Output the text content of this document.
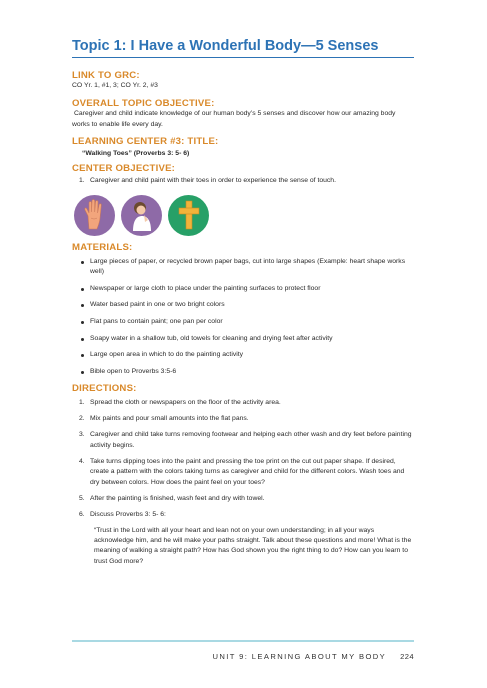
Topic 1: I Have a Wonderful Body—5 Senses
LINK TO GRC:

CO Yr. 1, #1, 3; CO Yr. 2, #3

OVERALL TOPIC OBJECTIVE:

Caregiver and child indicate knowledge of our human body’s 5 senses and discover how our amazing body works to enable life every day.

LEARNING CENTER #3: TITLE:

“Walking Toes” (Proverbs 3: 5- 6)

CENTER OBJECTIVE:
1. Caregiver and child paint with their toes in order to experience the sense of touch.
MATERIALS:
Large pieces of paper, or recycled brown paper bags, cut into large shapes (Example: heart shape works well)
Newspaper or large cloth to place under the painting surfaces to protect floor
Water based paint in one or two bright colors
Flat pans to contain paint; one pan per color
Soapy water in a shallow tub, old towels for cleaning and drying feet after activity
Large open area in which to do the painting activity
Bible open to Proverbs 3:5-6
DIRECTIONS:
1. Spread the cloth or newspapers on the floor of the activity area.
2. Mix paints and pour small amounts into the flat pans.
3. Caregiver and child take turns removing footwear and helping each other wash and dry feet before painting activity begins.
4. Take turns dipping toes into the paint and pressing the toe print on the cut out paper shape. If desired, create a pattern with the colors taking turns as caregiver and child for the different colors. Wash toes and dry between colors. How does the paint feel on your toes?
5. After the painting is finished, wash feet and dry with towel.
6. Discuss Proverbs 3: 5- 6:

“Trust in the Lord with all your heart and lean not on your own understanding; in all your ways acknowledge him, and he will make your paths straight. Talk about these questions and more! What is the meaning of walking a straight path? How has God shown you the right thing to do? How can you learn to trust God more?

UNIT 9: LEARNING ABOUT MY BODY 224
